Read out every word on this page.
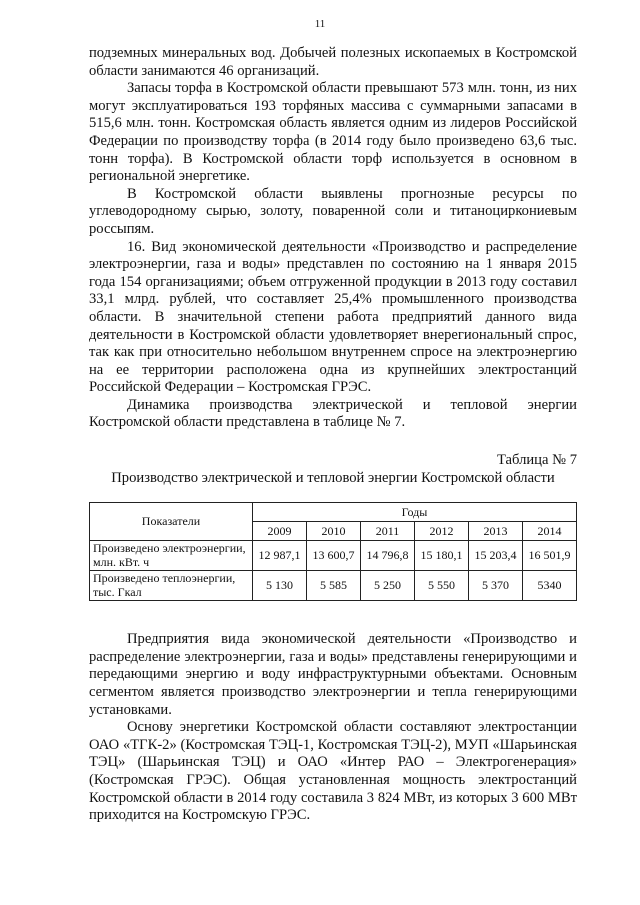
11

подземных минеральных вод. Добычей полезных ископаемых в Костромской области занимаются 46 организаций.

Запасы торфа в Костромской области превышают 573 млн. тонн, из них могут эксплуатироваться 193 торфяных массива с суммарными запасами в 515,6 млн. тонн. Костромская область является одним из лидеров Российской Федерации по производству торфа (в 2014 году было произведено 63,6 тыс. тонн торфа). В Костромской области торф используется в основном в региональной энергетике.

В Костромской области выявлены прогнозные ресурсы по углеводородному сырью, золоту, поваренной соли и титаноциркониевым россыпям.

16. Вид экономической деятельности «Производство и распределение электроэнергии, газа и воды» представлен по состоянию на 1 января 2015 года 154 организациями; объем отгруженной продукции в 2013 году составил 33,1 млрд. рублей, что составляет 25,4% промышленного производства области. В значительной степени работа предприятий данного вида деятельности в Костромской области удовлетворяет внерегиональный спрос, так как при относительно небольшом внутреннем спросе на электроэнергию на ее территории расположена одна из крупнейших электростанций Российской Федерации – Костромская ГРЭС.

Динамика производства электрической и тепловой энергии Костромской области представлена в таблице № 7.

Таблица № 7

Производство электрической и тепловой энергии Костромской области

Показатели	Годы					
	2009	2010	2011	2012	2013	2014
Произведено электроэнергии, млн. кВт. ч	12 987,1	13 600,7	14 796,8	15 180,1	15 203,4	16 501,9
Произведено теплоэнергии, тыс. Гкал	5 130	5 585	5 250	5 550	5 370	5340

Предприятия вида экономической деятельности «Производство и распределение электроэнергии, газа и воды» представлены генерирующими и передающими энергию и воду инфраструктурными объектами. Основным сегментом является производство электроэнергии и тепла генерирующими установками.

Основу энергетики Костромской области составляют электростанции ОАО «ТГК-2» (Костромская ТЭЦ-1, Костромская ТЭЦ-2), МУП «Шарьинская ТЭЦ» (Шарьинская ТЭЦ) и ОАО «Интер РАО – Электрогенерация» (Костромская ГРЭС). Общая установленная мощность электростанций Костромской области в 2014 году составила 3 824 МВт, из которых 3 600 МВт приходится на Костромскую ГРЭС.
